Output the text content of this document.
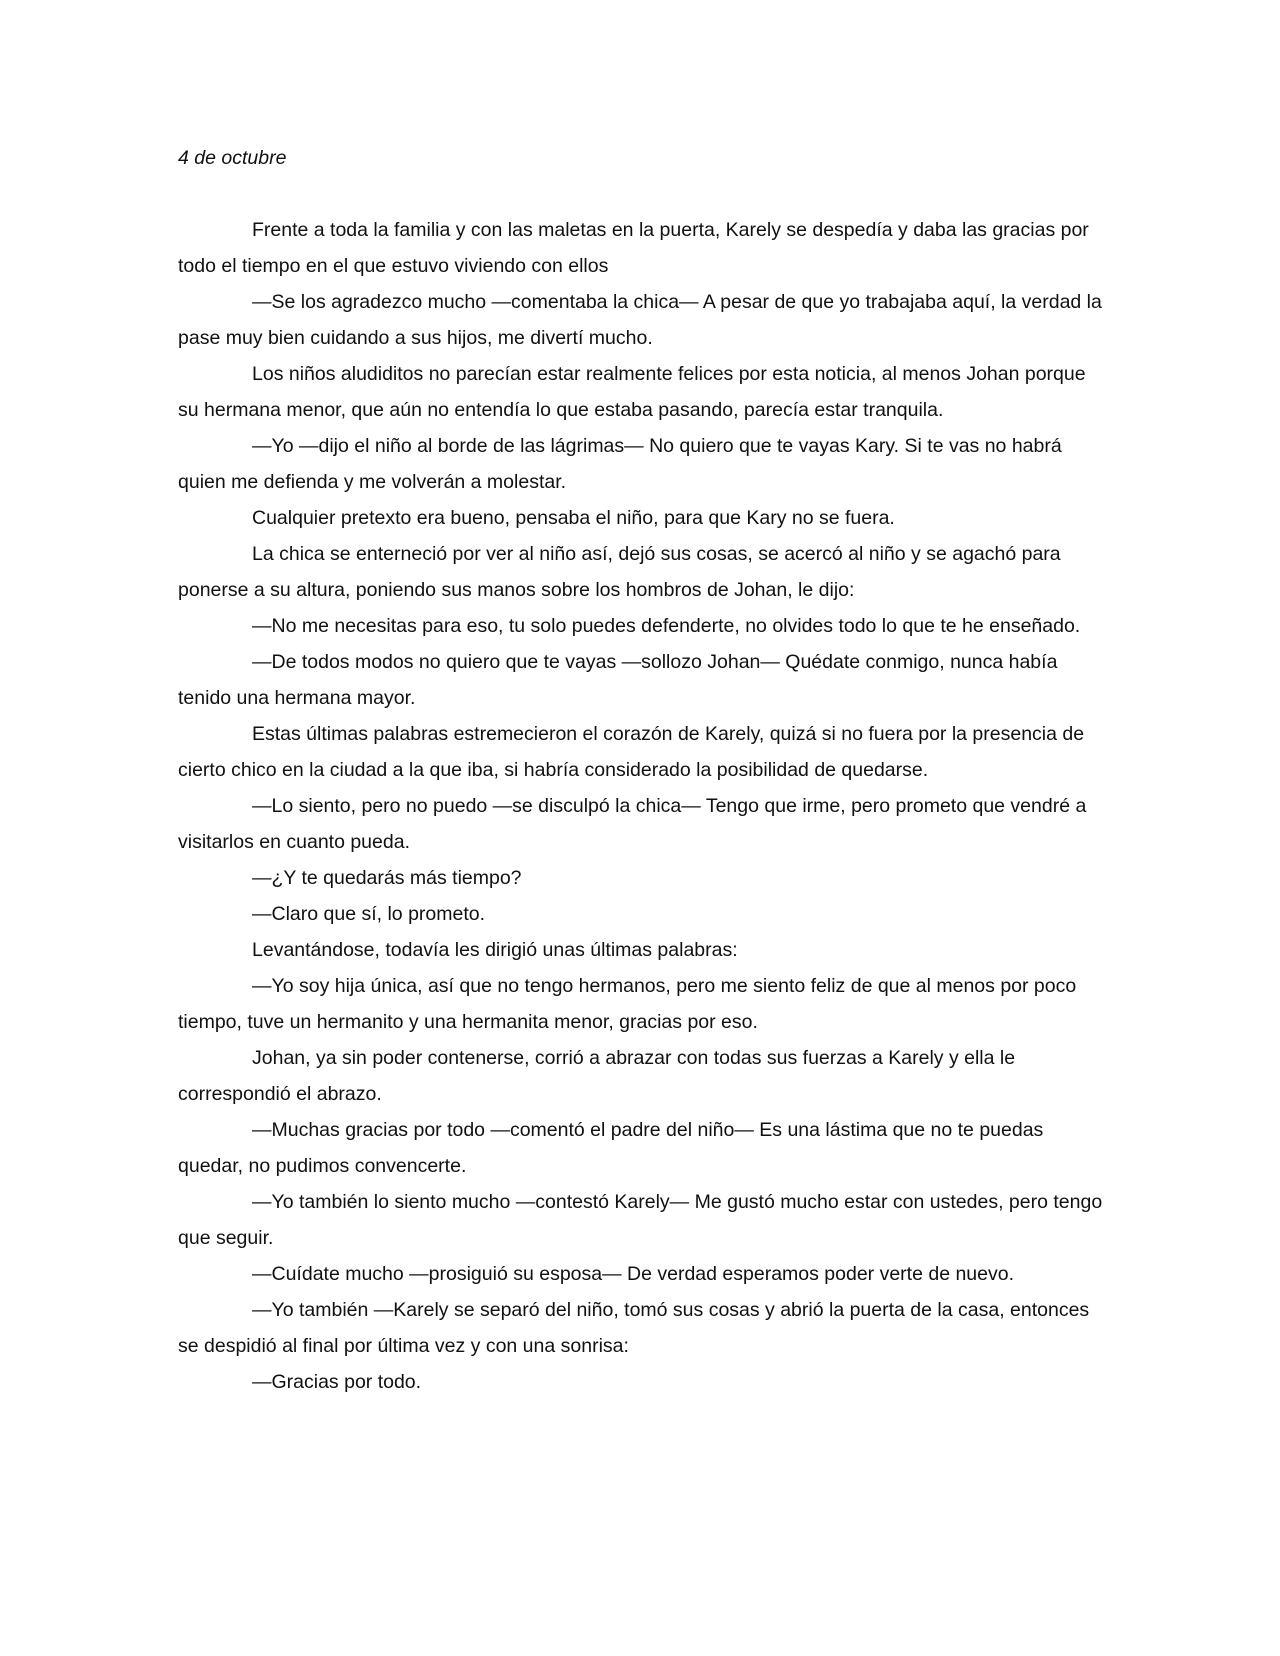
4 de octubre

Frente a toda la familia y con las maletas en la puerta, Karely se despedía y daba las gracias por todo el tiempo en el que estuvo viviendo con ellos

—Se los agradezco mucho —comentaba la chica— A pesar de que yo trabajaba aquí, la verdad la pase muy bien cuidando a sus hijos, me divertí mucho.

Los niños aludiditos no parecían estar realmente felices por esta noticia, al menos Johan porque su hermana menor, que aún no entendía lo que estaba pasando, parecía estar tranquila.

—Yo —dijo el niño al borde de las lágrimas— No quiero que te vayas Kary. Si te vas no habrá quien me defienda y me volverán a molestar.

Cualquier pretexto era bueno, pensaba el niño, para que Kary no se fuera.

La chica se enterneció por ver al niño así, dejó sus cosas, se acercó al niño y se agachó para ponerse a su altura, poniendo sus manos sobre los hombros de Johan, le dijo:

—No me necesitas para eso, tu solo puedes defenderte, no olvides todo lo que te he enseñado.

—De todos modos no quiero que te vayas —sollozo Johan— Quédate conmigo, nunca había tenido una hermana mayor.

Estas últimas palabras estremecieron el corazón de Karely, quizá si no fuera por la presencia de cierto chico en la ciudad a la que iba, si habría considerado la posibilidad de quedarse.

—Lo siento, pero no puedo —se disculpó la chica— Tengo que irme, pero prometo que vendré a visitarlos en cuanto pueda.

—¿Y te quedarás más tiempo?

—Claro que sí, lo prometo.

Levantándose, todavía les dirigió unas últimas palabras:

—Yo soy hija única, así que no tengo hermanos, pero me siento feliz de que al menos por poco tiempo, tuve un hermanito y una hermanita menor, gracias por eso.

Johan, ya sin poder contenerse, corrió a abrazar con todas sus fuerzas a Karely y ella le correspondió el abrazo.

—Muchas gracias por todo —comentó el padre del niño— Es una lástima que no te puedas quedar, no pudimos convencerte.

—Yo también lo siento mucho —contestó Karely— Me gustó mucho estar con ustedes, pero tengo que seguir.

—Cuídate mucho —prosiguió su esposa— De verdad esperamos poder verte de nuevo.

—Yo también —Karely se separó del niño, tomó sus cosas y abrió la puerta de la casa, entonces se despidió al final por última vez y con una sonrisa:

—Gracias por todo.
